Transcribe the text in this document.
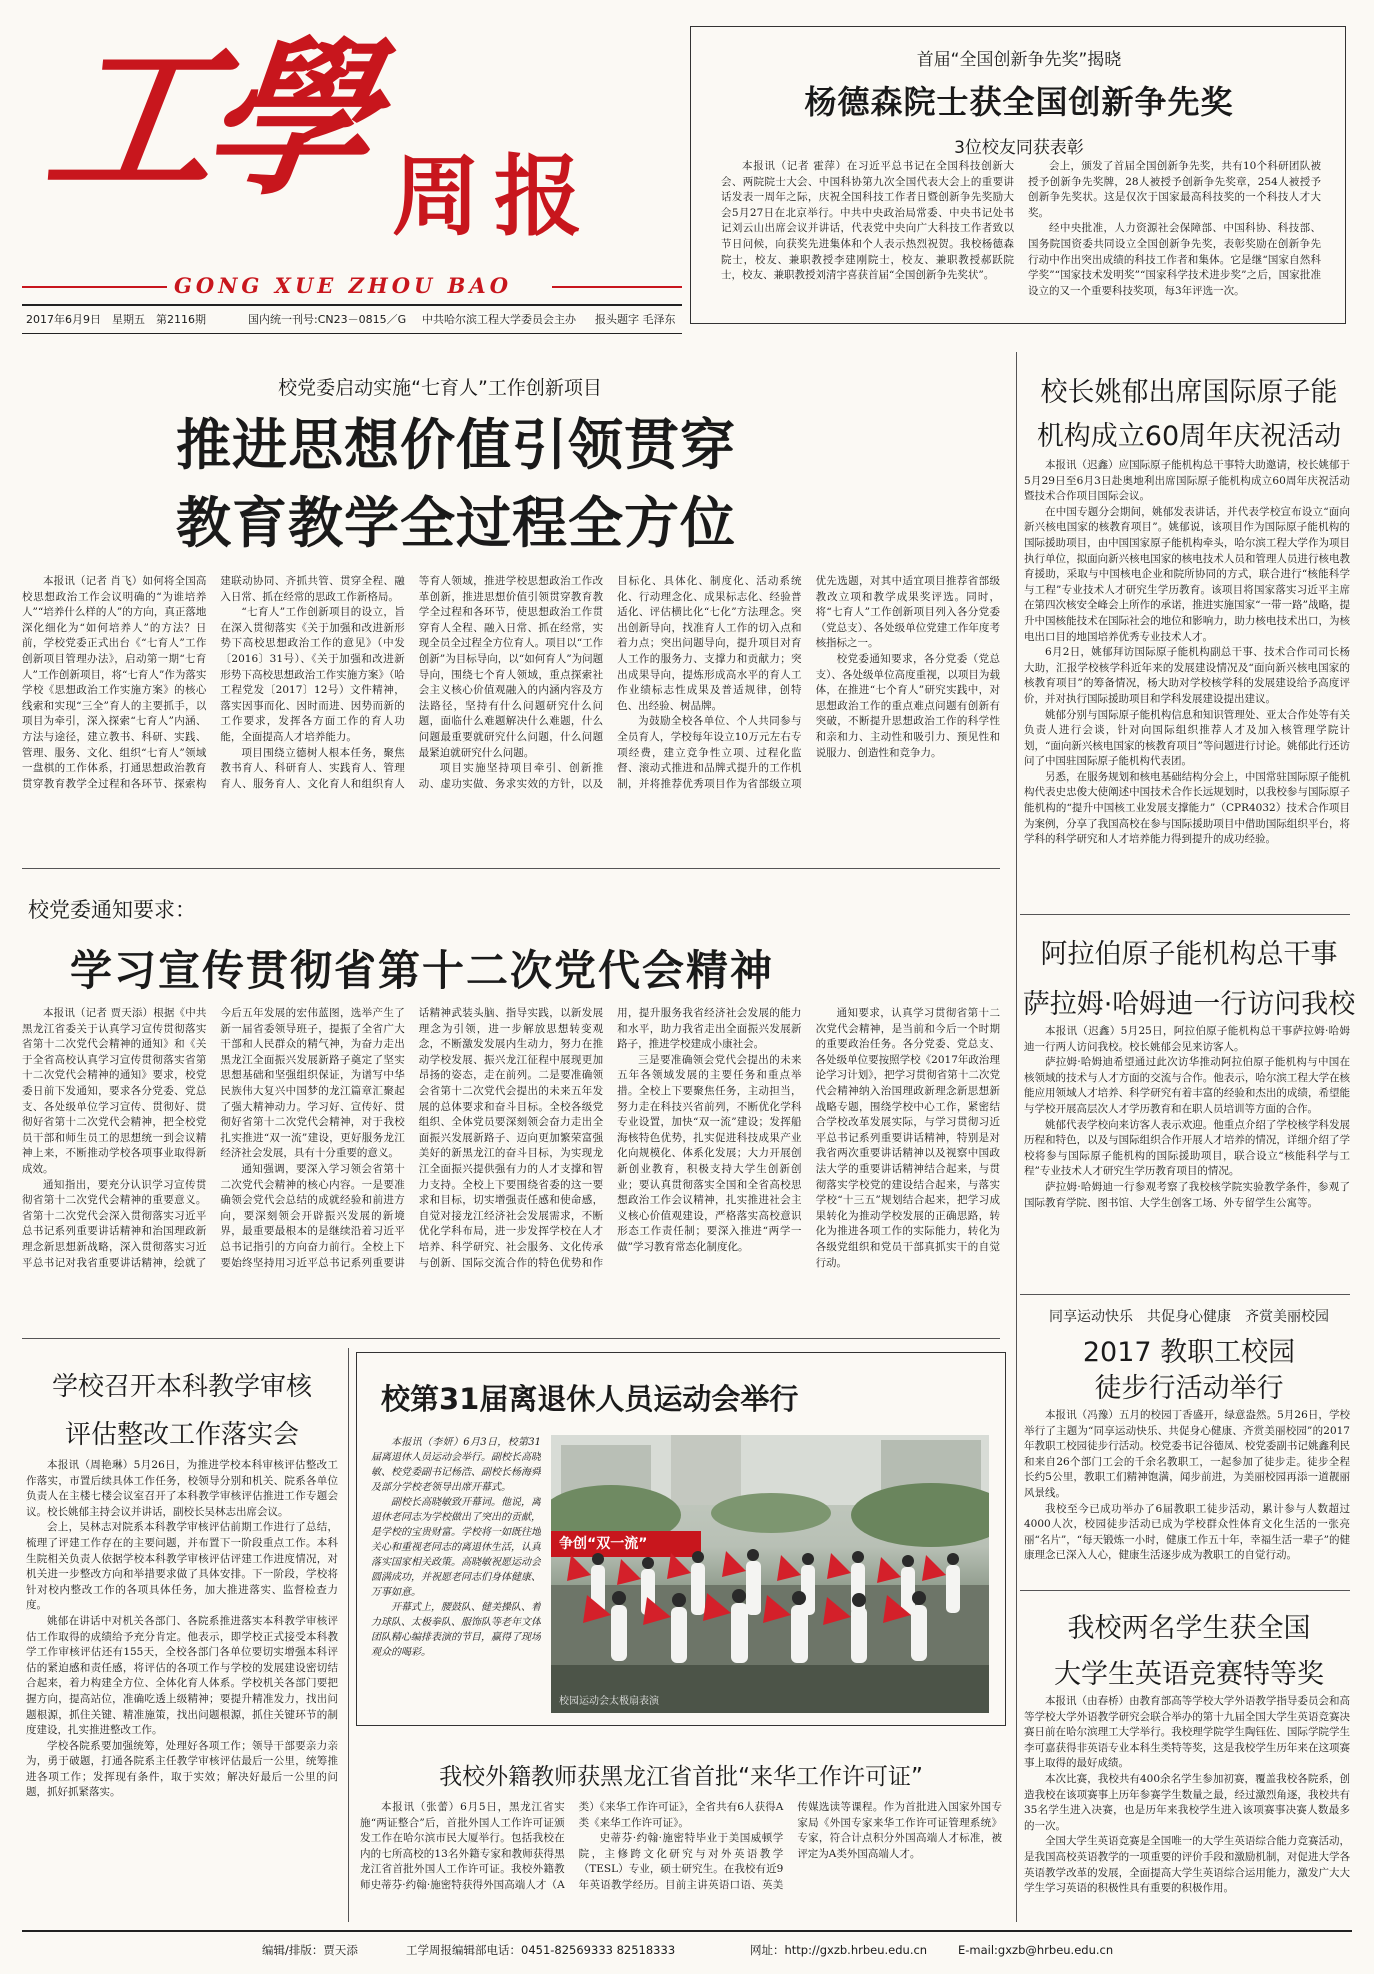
工學 周报
GONG XUE ZHOU BAO
2017年6月9日　星期五　第2116期	国内统一刊号:CN23－0815／G 中共哈尔滨工程大学委员会主办 报头题字 毛泽东
首届“全国创新争先奖”揭晓
杨德森院士获全国创新争先奖
3位校友同获表彰

本报讯（记者 霍萍）在习近平总书记在全国科技创新大会、两院院士大会、中国科协第九次全国代表大会上的重要讲话发表一周年之际，庆祝全国科技工作者日暨创新争先奖励大会5月27日在北京举行。中共中央政治局常委、中央书记处书记刘云山出席会议并讲话，代表党中央向广大科技工作者致以节日问候，向获奖先进集体和个人表示热烈祝贺。我校杨德森院士，校友、兼职教授李建刚院士，校友、兼职教授郝跃院士，校友、兼职教授刘清宇喜获首届“全国创新争先奖状”。

会上，颁发了首届全国创新争先奖，共有10个科研团队被授予创新争先奖牌，28人被授予创新争先奖章，254人被授予创新争先奖状。这是仅次于国家最高科技奖的一个科技人才大奖。

经中央批准，人力资源社会保障部、中国科协、科技部、国务院国资委共同设立全国创新争先奖，表彰奖励在创新争先行动中作出突出成绩的科技工作者和集体。它是继“国家自然科学奖”“国家技术发明奖”“国家科学技术进步奖”之后，国家批准设立的又一个重要科技奖项，每3年评选一次。

校党委启动实施“七育人”工作创新项目
推进思想价值引领贯穿
教育教学全过程全方位

本报讯（记者 肖飞）如何将全国高校思想政治工作会议明确的“为谁培养人”“培养什么样的人”的方向，真正落地深化细化为“如何培养人”的方法？日前，学校党委正式出台《“七育人”工作创新项目管理办法》，启动第一期“七育人”工作创新项目，将“七育人”作为落实学校《思想政治工作实施方案》的核心线索和实现“三全”育人的主要抓手，以项目为牵引，深入探索“七育人”内涵、方法与途径，建立教书、科研、实践、管理、服务、文化、组织“七育人”领域一盘棋的工作体系，打通思想政治教育贯穿教育教学全过程和各环节、探索构建联动协同、齐抓共管、贯穿全程、融入日常、抓在经常的思政工作新格局。

“七育人”工作创新项目的设立，旨在深入贯彻落实《关于加强和改进新形势下高校思想政治工作的意见》（中发〔2016〕31号）、《关于加强和改进新形势下高校思想政治工作实施方案》（哈工程党发〔2017〕12号）文件精神，落实因事而化、因时而进、因势而新的工作要求，发挥各方面工作的育人功能，全面提高人才培养能力。

项目围绕立德树人根本任务，聚焦教书育人、科研育人、实践育人、管理育人、服务育人、文化育人和组织育人等育人领域，推进学校思想政治工作改革创新，推进思想价值引领贯穿教育教学全过程和各环节，使思想政治工作贯穿育人全程、融入日常、抓在经常，实现全员全过程全方位育人。项目以“工作创新”为目标导向，以“如何育人”为问题导向，围绕七个育人领域，重点探索社会主义核心价值观融入的内涵内容及方法路径，坚持有什么问题研究什么问题，面临什么难题解决什么难题，什么问题最重要就研究什么问题，什么问题最紧迫就研究什么问题。

项目实施坚持项目牵引、创新推动、虚功实做、务求实效的方针，以及目标化、具体化、制度化、活动系统化、行动理念化、成果标志化、经验普适化、评估横比化“七化”方法理念。突出创新导向，找准育人工作的切入点和着力点；突出问题导向，提升项目对育人工作的服务力、支撑力和贡献力；突出成果导向，提炼形成高水平的育人工作业绩标志性成果及普适规律，创特色、出经验、树品牌。

为鼓励全校各单位、个人共同参与全员育人，学校每年设立10万元左右专项经费，建立竞争性立项、过程化监督、滚动式推进和品牌式提升的工作机制，并将推荐优秀项目作为省部级立项优先选题，对其中适宜项目推荐省部级教改立项和教学成果奖评选。同时，将“七育人”工作创新项目列入各分党委（党总支）、各处级单位党建工作年度考核指标之一。

校党委通知要求，各分党委（党总支）、各处级单位高度重视，以项目为载体，在推进“七个育人”研究实践中，对思想政治工作的重点难点问题有创新有突破，不断提升思想政治工作的科学性和亲和力、主动性和吸引力、预见性和说服力、创造性和竞争力。

校长姚郁出席国际原子能
机构成立60周年庆祝活动

本报讯（迟鑫）应国际原子能机构总干事特大助邀请，校长姚郁于5月29日至6月3日赴奥地利出席国际原子能机构成立60周年庆祝活动暨技术合作项目国际会议。

在中国专题分会期间，姚郁发表讲话，并代表学校宣布设立“面向新兴核电国家的核教育项目”。姚郁说，该项目作为国际原子能机构的国际援助项目，由中国国家原子能机构牵头，哈尔滨工程大学作为项目执行单位，拟面向新兴核电国家的核电技术人员和管理人员进行核电教育援助，采取与中国核电企业和院所协同的方式，联合进行“核能科学与工程”专业技术人才研究生学历教育。该项目将国家落实习近平主席在第四次核安全峰会上所作的承诺，推进实施国家“一带一路”战略，提升中国核能技术在国际社会的地位和影响力，助力核电技术出口，为核电出口目的地国培养优秀专业技术人才。

6月2日，姚郁拜访国际原子能机构副总干事、技术合作司司长杨大助，汇报学校核学科近年来的发展建设情况及“面向新兴核电国家的核教育项目”的筹备情况，杨大助对学校核学科的发展建设给予高度评价，并对执行国际援助项目和学科发展建设提出建议。

姚郁分别与国际原子能机构信息和知识管理处、亚太合作处等有关负责人进行会谈，针对向国际组织推荐人才及加入核管理学院计划，“面向新兴核电国家的核教育项目”等问题进行讨论。姚郁此行还访问了中国驻国际原子能机构代表团。

另悉，在服务规划和核电基础结构分会上，中国常驻国际原子能机构代表史忠俊大使阐述中国技术合作长远规划时，以我校参与国际原子能机构的“提升中国核工业发展支撑能力”（CPR4032）技术合作项目为案例，分享了我国高校在参与国际援助项目中借助国际组织平台，将学科的科学研究和人才培养能力得到提升的成功经验。

校党委通知要求：
学习宣传贯彻省第十二次党代会精神

本报讯（记者 贾天添）根据《中共黑龙江省委关于认真学习宣传贯彻落实省第十二次党代会精神的通知》和《关于全省高校认真学习宣传贯彻落实省第十二次党代会精神的通知》要求，校党委日前下发通知，要求各分党委、党总支、各处级单位学习宣传、贯彻好、贯彻好省第十二次党代会精神，把全校党员干部和师生员工的思想统一到会议精神上来，不断推动学校各项事业取得新成效。

通知指出，要充分认识学习宣传贯彻省第十二次党代会精神的重要意义。省第十二次党代会深入贯彻落实习近平总书记系列重要讲话精神和治国理政新理念新思想新战略，深入贯彻落实习近平总书记对我省重要讲话精神，绘就了今后五年发展的宏伟蓝图，选举产生了新一届省委领导班子，提振了全省广大干部和人民群众的精气神，为奋力走出黑龙江全面振兴发展新路子奠定了坚实思想基础和坚强组织保证，为谱写中华民族伟大复兴中国梦的龙江篇章汇聚起了强大精神动力。学习好、宣传好、贯彻好省第十二次党代会精神，对于我校扎实推进“双一流”建设，更好服务龙江经济社会发展，具有十分重要的意义。

通知强调，要深入学习领会省第十二次党代会精神的核心内容。一是要准确领会党代会总结的成就经验和前进方向，要深刻领会开辟振兴发展的新境界，最重要最根本的是继续沿着习近平总书记指引的方向奋力前行。全校上下要始终坚持用习近平总书记系列重要讲话精神武装头脑、指导实践，以新发展理念为引领，进一步解放思想转变观念，不断激发发展内生动力，努力在推动学校发展、振兴龙江征程中展现更加昂扬的姿态，走在前列。二是要准确领会省第十二次党代会提出的未来五年发展的总体要求和奋斗目标。全校各级党组织、全体党员要深刻领会奋力走出全面振兴发展新路子、迈向更加繁荣富强美好的新黑龙江的奋斗目标，为实现龙江全面振兴提供强有力的人才支撑和智力支持。全校上下要围绕省委的这一要求和目标，切实增强责任感和使命感，自觉对接龙江经济社会发展需求，不断优化学科布局，进一步发挥学校在人才培养、科学研究、社会服务、文化传承与创新、国际交流合作的特色优势和作用，提升服务我省经济社会发展的能力和水平，助力我省走出全面振兴发展新路子，推进学校建成小康社会。

三是要准确领会党代会提出的未来五年各领域发展的主要任务和重点举措。全校上下要聚焦任务，主动担当，努力走在科技兴省前列，不断优化学科专业设置，加快“双一流”建设；发挥船海核特色优势，扎实促进科技成果产业化向规模化、体系化发展；大力开展创新创业教育，积极支持大学生创新创业；要认真贯彻落实全国和全省高校思想政治工作会议精神，扎实推进社会主义核心价值观建设，严格落实高校意识形态工作责任制；要深入推进“两学一做”学习教育常态化制度化。

通知要求，认真学习贯彻省第十二次党代会精神，是当前和今后一个时期的重要政治任务。各分党委、党总支、各处级单位要按照学校《2017年政治理论学习计划》，把学习贯彻省第十二次党代会精神纳入治国理政新理念新思想新战略专题，围绕学校中心工作，紧密结合学校改革发展实际，与学习贯彻习近平总书记系列重要讲话精神，特别是对我省两次重要讲话精神以及视察中国政法大学的重要讲话精神结合起来，与贯彻落实学校党的建设结合起来，与落实学校“十三五”规划结合起来，把学习成果转化为推动学校发展的正确思路，转化为推进各项工作的实际能力，转化为各级党组织和党员干部真抓实干的自觉行动。

阿拉伯原子能机构总干事
萨拉姆·哈姆迪一行访问我校

本报讯（迟鑫）5月25日，阿拉伯原子能机构总干事萨拉姆·哈姆迪一行两人访问我校。校长姚郁会见来访客人。

萨拉姆·哈姆迪希望通过此次访华推动阿拉伯原子能机构与中国在核领域的技术与人才方面的交流与合作。他表示，哈尔滨工程大学在核能应用领域人才培养、科学研究有着丰富的经验和杰出的成绩，希望能与学校开展高层次人才学历教育和在职人员培训等方面的合作。

姚郁代表学校向来访客人表示欢迎。他重点介绍了学校核学科发展历程和特色，以及与国际组织合作开展人才培养的情况，详细介绍了学校将参与国际原子能机构的国际援助项目，联合设立“核能科学与工程”专业技术人才研究生学历教育项目的情况。

萨拉姆·哈姆迪一行参观考察了我校核学院实验教学条件，参观了国际教育学院、图书馆、大学生创客工场、外专留学生公寓等。

同享运动快乐　共促身心健康　齐赏美丽校园
2017 教职工校园
徒步行活动举行

本报讯（冯豫）五月的校园丁香盛开，绿意盎然。5月26日，学校举行了主题为“同享运动快乐、共促身心健康、齐赏美丽校园”的2017年教职工校园徒步行活动。校党委书记谷德凤、校党委副书记姚鑫利民和来自26个部门工会的千余名教职工，一起参加了徒步走。徒步全程长约5公里，教职工们精神饱满，闻步前进，为美丽校园再添一道靓丽风景线。

我校至今已成功举办了6届教职工徒步活动，累计参与人数超过4000人次，校园徒步活动已成为学校群众性体育文化生活的一张亮丽“名片”，“每天锻炼一小时，健康工作五十年，幸福生活一辈子”的健康理念已深入人心，健康生活逐步成为教职工的自觉行动。

我校两名学生获全国
大学生英语竞赛特等奖

本报讯（由春桥）由教育部高等学校大学外语教学指导委员会和高等学校大学外语教学研究会联合举办的第十九届全国大学生英语竞赛决赛日前在哈尔滨理工大学举行。我校理学院学生陶钰佐、国际学院学生李可嘉获得非英语专业本科生类特等奖，这是我校学生历年来在这项赛事上取得的最好成绩。

本次比赛，我校共有400余名学生参加初赛，覆盖我校各院系，创造我校在该项赛事上历年参赛学生数量之最，经过激烈角逐，我校共有35名学生进入决赛，也是历年来我校学生进入该项赛事决赛人数最多的一次。

全国大学生英语竞赛是全国唯一的大学生英语综合能力竞赛活动，是我国高校英语教学的一项重要的评价手段和激励机制，对促进大学各英语教学改革的发展，全面提高大学生英语综合运用能力，激发广大大学生学习英语的积极性具有重要的积极作用。

学校召开本科教学审核
评估整改工作落实会

本报讯（周艳琳）5月26日，为推进学校本科审核评估整改工作落实，市置后续具体工作任务，校领导分别和机关、院系各单位负责人在主楼七楼会议室召开了本科教学审核评估推进工作专题会议。校长姚郁主持会议并讲话，副校长吴林志出席会议。

会上，吴林志对院系本科教学审核评估前期工作进行了总结，梳理了评建工作存在的主要问题，并布置下一阶段重点工作。本科生院相关负责人依据学校本科教学审核评估评建工作进度情况，对机关进一步整改方向和举措要求做了具体安排。下一阶段，学校将针对校内整改工作的各项具体任务，加大推进落实、监督检查力度。

姚郁在讲话中对机关各部门、各院系推进落实本科教学审核评估工作取得的成绩给予充分肯定。他表示，即学校正式接受本科教学工作审核评估还有155天，全校各部门各单位要切实增强本科评估的紧迫感和责任感，将评估的各项工作与学校的发展建设密切结合起来，着力构建全方位、全体化育人体系。学校机关各部门要把握方向，提高站位，准确吃透上级精神；要提升精准发力，找出问题根源，抓住关键、精准施策，找出问题根源，抓住关键环节的制度建设，扎实推进整改工作。

学校各院系要加强统筹，处理好各项工作；领导干部要亲力亲为，勇于破题，打通各院系主任教学审核评估最后一公里，统筹推进各项工作；发挥现有条件，取于实效；解决好最后一公里的问题，抓好抓紧落实。

校第31届离退休人员运动会举行

本报讯（李妍）6月3日，校第31届离退休人员运动会举行。副校长高晓敏、校党委副书记杨浩、副校长杨海舜及部分学校老领导出席开幕式。

副校长高晓敏致开幕词。他说，离退休老同志为学校做出了突出的贡献，是学校的宝贵财富。学校将一如既往地关心和重视老同志的离退休生活，认真落实国家相关政策。高晓敏祝愿运动会圆满成功，并祝愿老同志们身体健康、万事如意。

开幕式上，腰鼓队、健美操队、着力球队、太极拳队、服饰队等老年文体团队精心编排表演的节目，赢得了现场观众的喝彩。

争创“双一流”
校园运动会太极扇表演
我校外籍教师获黑龙江省首批“来华工作许可证”

本报讯（张蕾）6月5日，黑龙江省实施“两证整合”后，首批外国人工作许可证颁发工作在哈尔滨市民大厦举行。包括我校在内的七所高校的13名外籍专家和教师获得黑龙江省首批外国人工作许可证。我校外籍教师史蒂芬·约翰·施密特获得外国高端人才（A类）《来华工作许可证》，全省共有6人获得A类《来华工作许可证》。

史蒂芬·约翰·施密特毕业于美国威顿学院，主修跨文化研究与对外英语教学（TESL）专业，硕士研究生。在我校有近9年英语教学经历。目前主讲英语口语、英美传媒选读等课程。作为首批进入国家外国专家局《外国专家来华工作许可证管理系统》专家，符合计点积分外国高端人才标准，被评定为A类外国高端人才。

编辑/排版：贾天添	工学周报编辑部电话：0451-82569333 82518333	网址：http://gxzb.hrbeu.edu.cn	E-mail:gxzb@hrbeu.edu.cn
